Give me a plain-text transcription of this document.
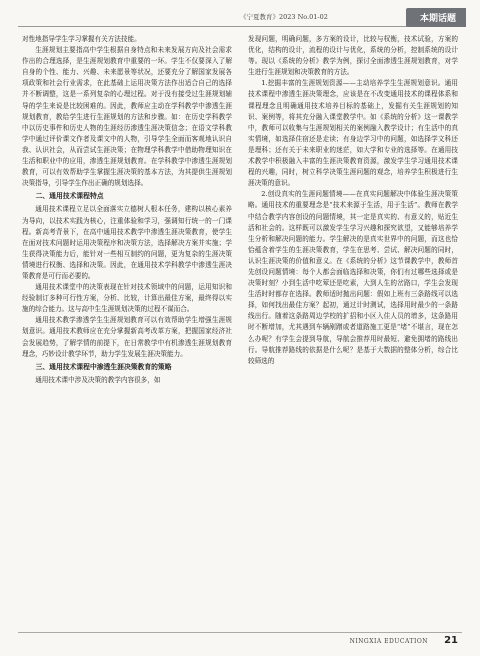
《宁夏教育》2023 No.01-02	本期话题

对性地指导学生学习掌握有关方法技能。

生涯规划主要指高中学生根据自身特点和未来发展方向及社会需求作出的合理选择，是生涯规划教育中重要的一环。学生不仅要深入了解自身的个性、能力、兴趣、未来愿景等状况，还要充分了解国家发展各项政策和社会行业需求，在此基础上运用决策方法作出适合自己的选择并不断调整，这是一系列复杂的心理过程。对于没有接受过生涯规划辅导的学生来说是比较困难的。因此，教师应主动在学科教学中渗透生涯规划教育，教给学生进行生涯规划的方法和步骤。如：在历史学科教学中以历史事件和历史人物的生涯经历渗透生涯决策信念；在语文学科教学中通过评价课文作者及课文中的人物，引导学生全面而客观地认识自我、认识社会，从而尝试生涯决策；在物理学科教学中借助物理知识在生活和职业中的应用，渗透生涯规划教育。在学科教学中渗透生涯规划教育，可以有效帮助学生掌握生涯决策的基本方法，为其提供生涯规划决策指导，引导学生作出正确的规划选择。

二、通用技术课程特点

通用技术课程立足以全面落实立德树人根本任务，建构以核心素养为导向，以技术实践为核心，注重体验和学习，强调知行统一的一门课程。新高考背景下，在高中通用技术教学中渗透生涯决策教育，使学生在面对技术问题时运用决策程序和决策方法，选择解决方案并实施；学生获得决策能力后，能针对一些相互制约的问题，更为复杂的生涯决策情境进行权衡、选择和决策。因此，在通用技术学科教学中渗透生涯决策教育是可行而必要的。

通用技术课堂中的决策表现在针对技术领域中的问题，运用知识和经验制订多种可行性方案，分析、比较，计算出最佳方案，最终得以实施的综合能力。这与高中生生涯规划决策的过程不谋而合。

通用技术教学渗透学生生涯规划教育可以有效帮助学生增强生涯规划意识。通用技术教师应在充分掌握新高考改革方案，把握国家经济社会发展趋势，了解学情的前提下，在日常教学中有机渗透生涯规划教育理念，巧妙设计教学环节，助力学生发展生涯决策能力。

三、通用技术课程中渗透生涯决策教育的策略

通用技术课中涉及决策的教学内容很多，如

发现问题，明确问题，多方案的设计，比较与权衡，技术试验，方案的优化，结构的设计，流程的设计与优化，系统的分析，控制系统的设计等。现以《系统的分析》教学为例，探讨全面渗透生涯规划教育，对学生进行生涯规划和决策教育的方法。

1.挖掘丰富的生涯规划资源——主动培养学生生涯规划意识。通用技术课程中渗透生涯决策理念，应该是在不改变通用技术的课程体系和课程理念且明确通用技术培养目标的基础上，发掘有关生涯规划的知识、案例等，将其充分融入课堂教学中。如《系统的分析》这一课教学中，教师可以收集与生涯规划相关的案例融入教学设计；有生活中的真实情境，如选择住宿还是走读；有身边学习中的问题，如选择学文科还是理科；还有关于未来职业的迷茫，如大学和专业的选择等。在通用技术教学中积极融入丰富的生涯决策教育资源，激发学生学习通用技术课程的兴趣，同时，树立科学决策生涯问题的观念，培养学生积极进行生涯决策的意识。

2.创设真实的生涯问题情境——在真实问题解决中体验生涯决策策略。通用技术的重要理念是“技术来源于生活，用于生活”。教师在教学中结合教学内容创设的问题情境，其一定是真实的、有意义的，贴近生活和社会的。这样既可以激发学生学习兴趣和探究欲望，又能够培养学生分析和解决问题的能力。学生解决的是真实世界中的问题，而这也恰恰蕴含着学生的生涯决策教育，学生在思考、尝试、解决问题的同时，认识生涯决策的价值和意义。在《系统的分析》这节课教学中，教师首先创设问题情境：每个人都会面临选择和决策，你们有过哪些选择或是决策时刻？小到生活中吃荤还是吃素，大到人生的岔路口，学生会发现生活时时都存在选择。教师适时抛出问题：假如上班有三条路线可以选择，如何找出最佳方案？起初，通过计时测试，选择用时最少的一条路线出行。随着这条路周边学校的扩招和小区入住人员的增多，这条路用时不断增加，尤其遇到车辆剐蹭或者道路施工更是“堵”不堪言，现在怎么办呢？有学生会提到导航，导航会推荐用时最短、避免拥堵的路线出行。导航推荐路线的依据是什么呢？是基于大数据的整体分析，综合比较筛选的

NINGXIA EDUCATION 21
